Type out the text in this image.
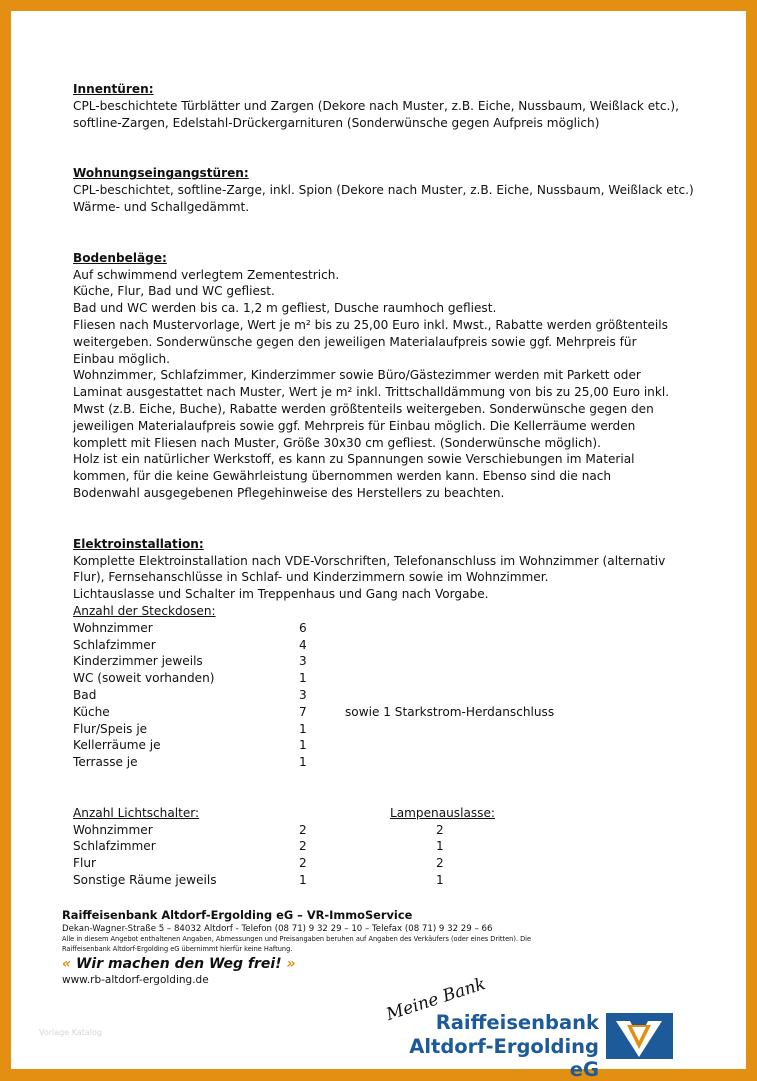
Innentüren:
CPL-beschichtete Türblätter und Zargen (Dekore nach Muster, z.B. Eiche, Nussbaum, Weißlack etc.),
softline-Zargen, Edelstahl-Drückergarnituren (Sonderwünsche gegen Aufpreis möglich)
Wohnungseingangstüren:
CPL-beschichtet, softline-Zarge, inkl. Spion (Dekore nach Muster, z.B. Eiche, Nussbaum, Weißlack etc.)
Wärme- und Schallgedämmt.
Bodenbeläge:
Auf schwimmend verlegtem Zementestrich.
Küche, Flur, Bad und WC gefliest.
Bad und WC werden bis ca. 1,2 m gefliest, Dusche raumhoch gefliest.
Fliesen nach Mustervorlage, Wert je m² bis zu 25,00 Euro inkl. Mwst., Rabatte werden größtenteils
weitergeben. Sonderwünsche gegen den jeweiligen Materialaufpreis sowie ggf. Mehrpreis für
Einbau möglich.
Wohnzimmer, Schlafzimmer, Kinderzimmer sowie Büro/Gästezimmer werden mit Parkett oder
Laminat ausgestattet nach Muster, Wert je m² inkl. Trittschalldämmung von bis zu 25,00 Euro inkl.
Mwst (z.B. Eiche, Buche), Rabatte werden größtenteils weitergeben. Sonderwünsche gegen den
jeweiligen Materialaufpreis sowie ggf. Mehrpreis für Einbau möglich. Die Kellerräume werden
komplett mit Fliesen nach Muster, Größe 30x30 cm gefliest. (Sonderwünsche möglich).
Holz ist ein natürlicher Werkstoff, es kann zu Spannungen sowie Verschiebungen im Material
kommen, für die keine Gewährleistung übernommen werden kann. Ebenso sind die nach
Bodenwahl ausgegebenen Pflegehinweise des Herstellers zu beachten.
Elektroinstallation:
Komplette Elektroinstallation nach VDE-Vorschriften, Telefonanschluss im Wohnzimmer (alternativ
Flur), Fernsehanschlüsse in Schlaf- und Kinderzimmern sowie im Wohnzimmer.
Lichtauslasse und Schalter im Treppenhaus und Gang nach Vorgabe.
Anzahl der Steckdosen:
Wohnzimmer	6
Schlafzimmer	4
Kinderzimmer jeweils	3
WC (soweit vorhanden)	1
Bad	3
Küche	7	sowie 1 Starkstrom-Herdanschluss
Flur/Speis je	1
Kellerräume je	1
Terrasse je	1
Anzahl Lichtschalter:	Lampenauslasse:
Wohnzimmer	2	2
Schlafzimmer	2	1
Flur	2	2
Sonstige Räume jeweils	1	1
Vorlage Katalog
Raiffeisenbank Altdorf-Ergolding eG – VR-ImmoService
Dekan-Wagner-Straße 5 – 84032 Altdorf - Telefon (08 71) 9 32 29 – 10 – Telefax (08 71) 9 32 29 – 66
Alle in diesem Angebot enthaltenen Angaben, Abmessungen und Preisangaben beruhen auf Angaben des Verkäufers (oder eines Dritten). Die
Raiffeisenbank Altdorf-Ergolding eG übernimmt hierfür keine Haftung.
« Wir machen den Weg frei! »
www.rb-altdorf-ergolding.de	Meine Bank
Raiffeisenbank
Altdorf-Ergolding eG
